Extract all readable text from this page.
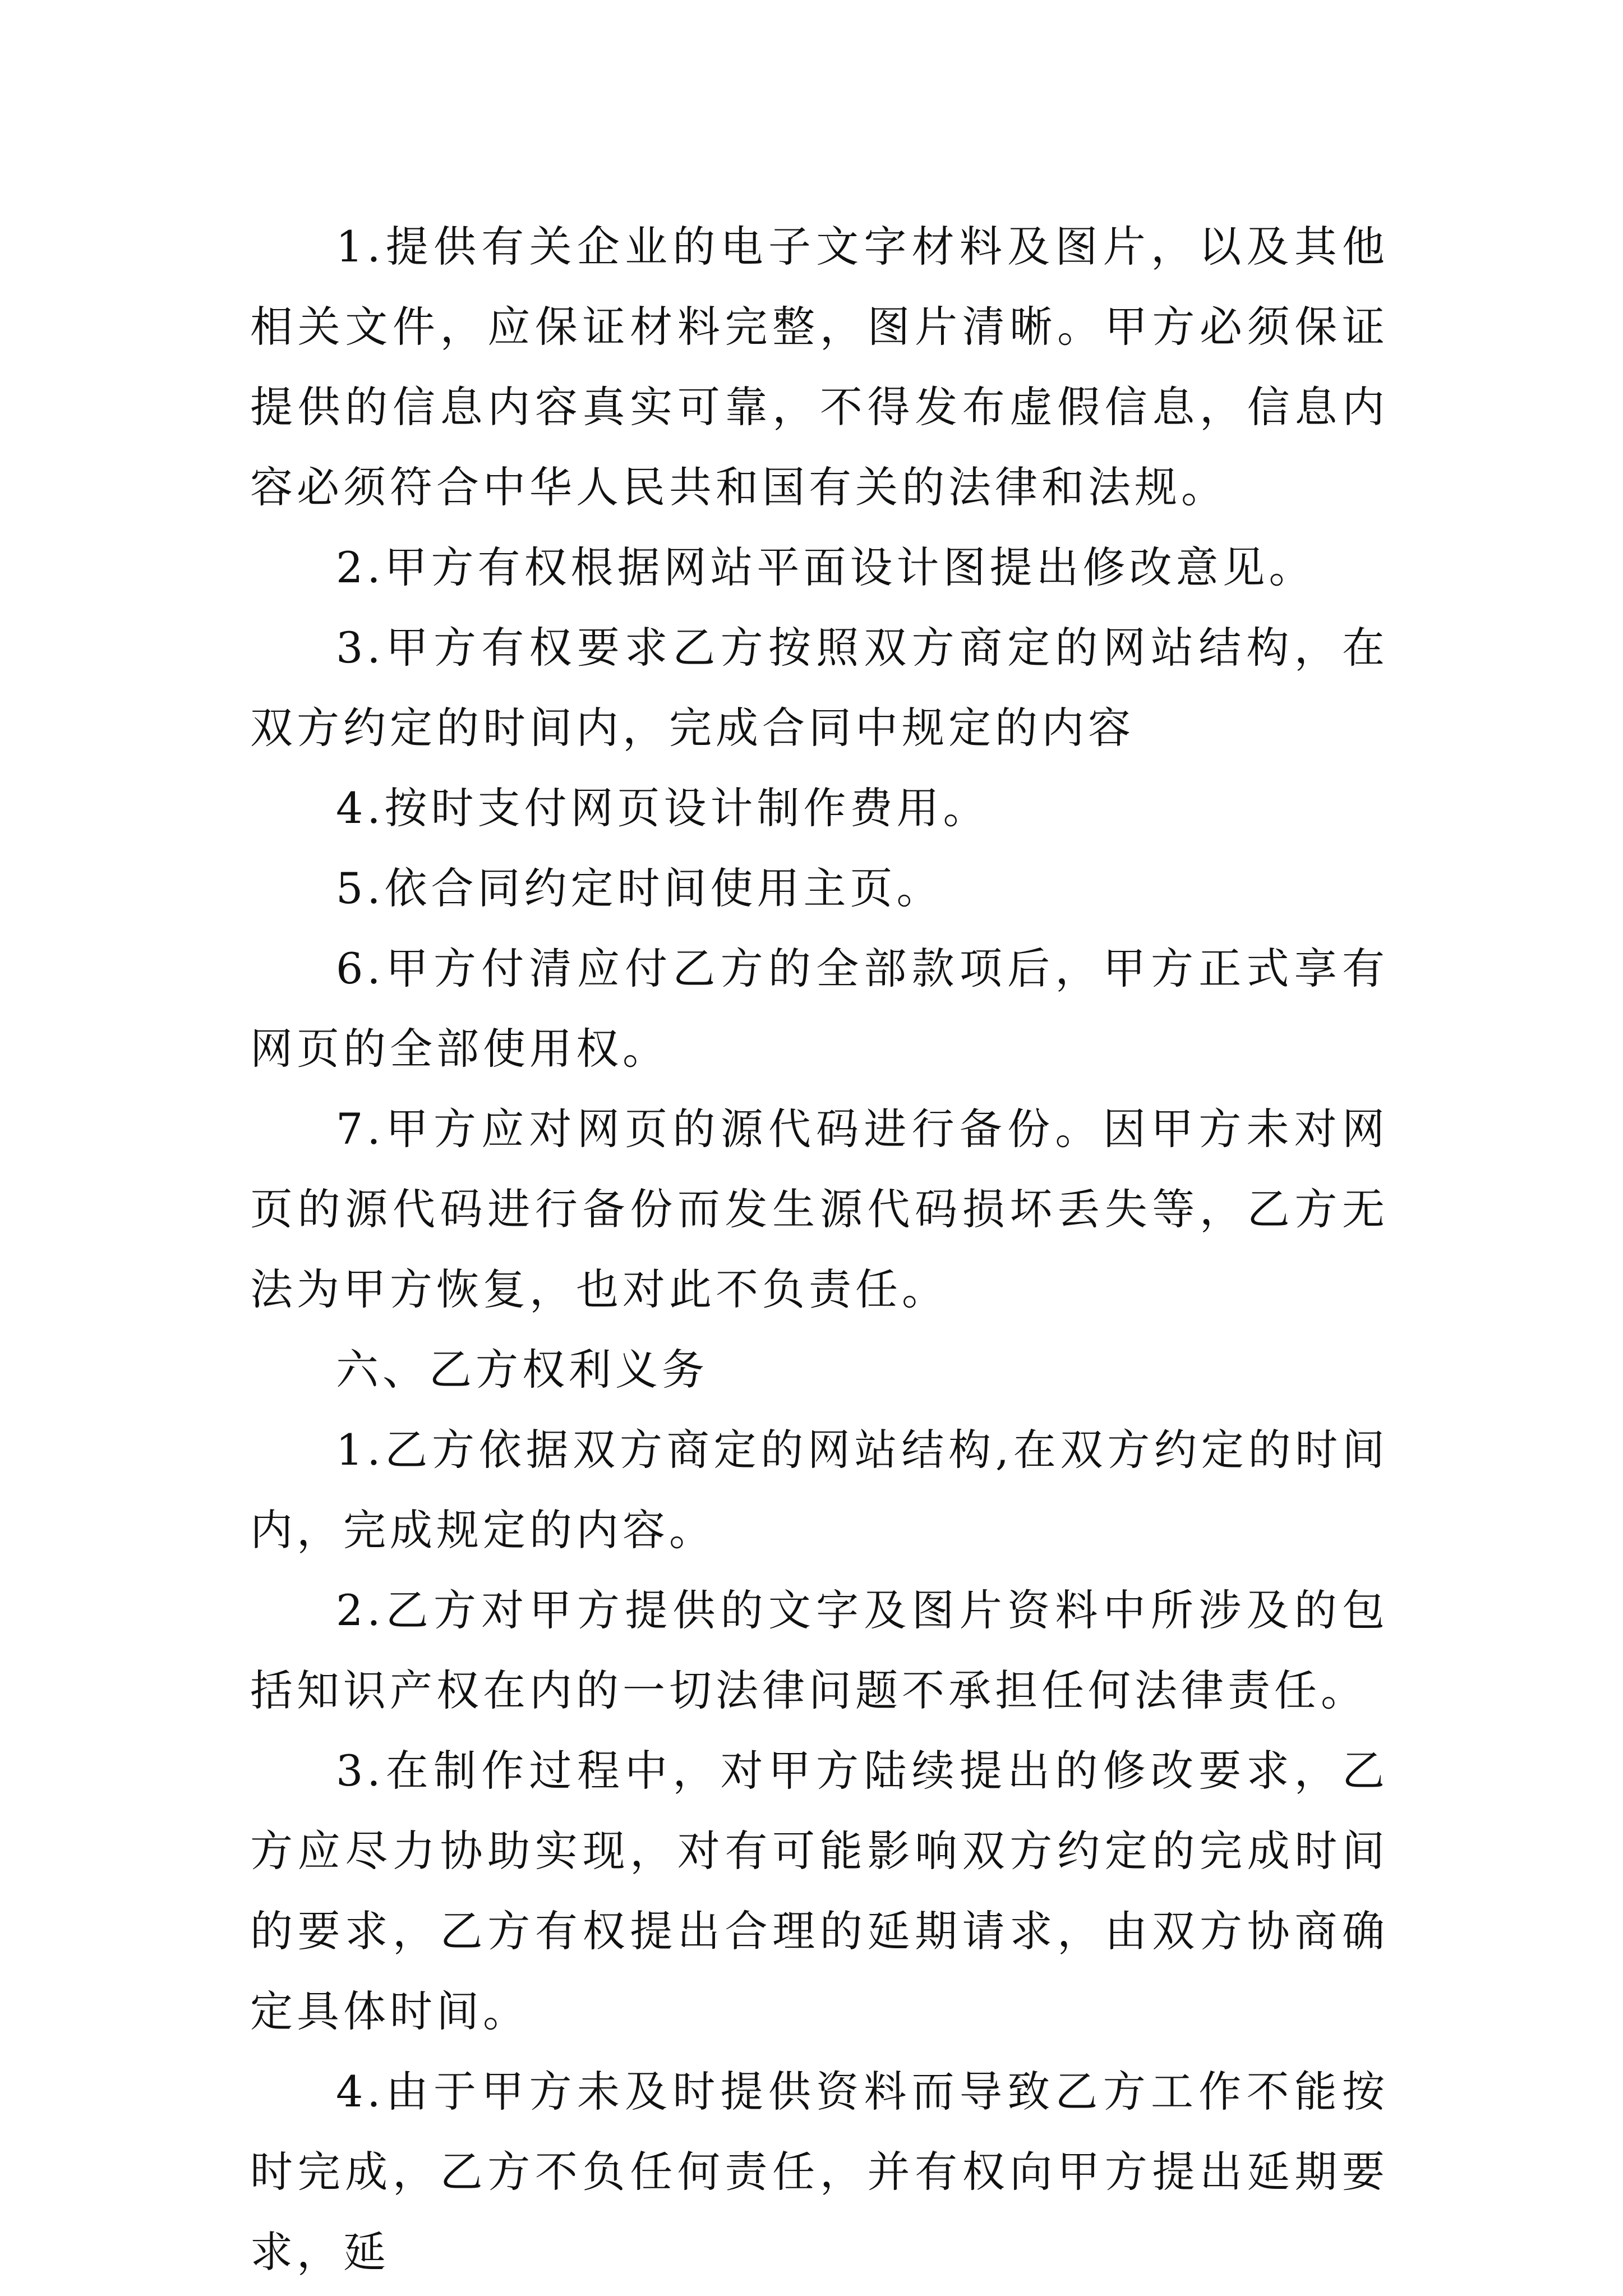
1.提供有关企业的电子文字材料及图片，以及其他相关文件，应保证材料完整，图片清晰。甲方必须保证提供的信息内容真实可靠，不得发布虚假信息，信息内容必须符合中华人民共和国有关的法律和法规。

2.甲方有权根据网站平面设计图提出修改意见。

3.甲方有权要求乙方按照双方商定的网站结构，在双方约定的时间内，完成合同中规定的内容

4.按时支付网页设计制作费用。

5.依合同约定时间使用主页。

6.甲方付清应付乙方的全部款项后，甲方正式享有网页的全部使用权。

7.甲方应对网页的源代码进行备份。因甲方未对网页的源代码进行备份而发生源代码损坏丢失等，乙方无法为甲方恢复，也对此不负责任。

六、乙方权利义务

1.乙方依据双方商定的网站结构,在双方约定的时间内，完成规定的内容。

2.乙方对甲方提供的文字及图片资料中所涉及的包括知识产权在内的一切法律问题不承担任何法律责任。

3.在制作过程中，对甲方陆续提出的修改要求，乙方应尽力协助实现，对有可能影响双方约定的完成时间的要求，乙方有权提出合理的延期请求，由双方协商确定具体时间。

4.由于甲方未及时提供资料而导致乙方工作不能按时完成，乙方不负任何责任，并有权向甲方提出延期要求，延
